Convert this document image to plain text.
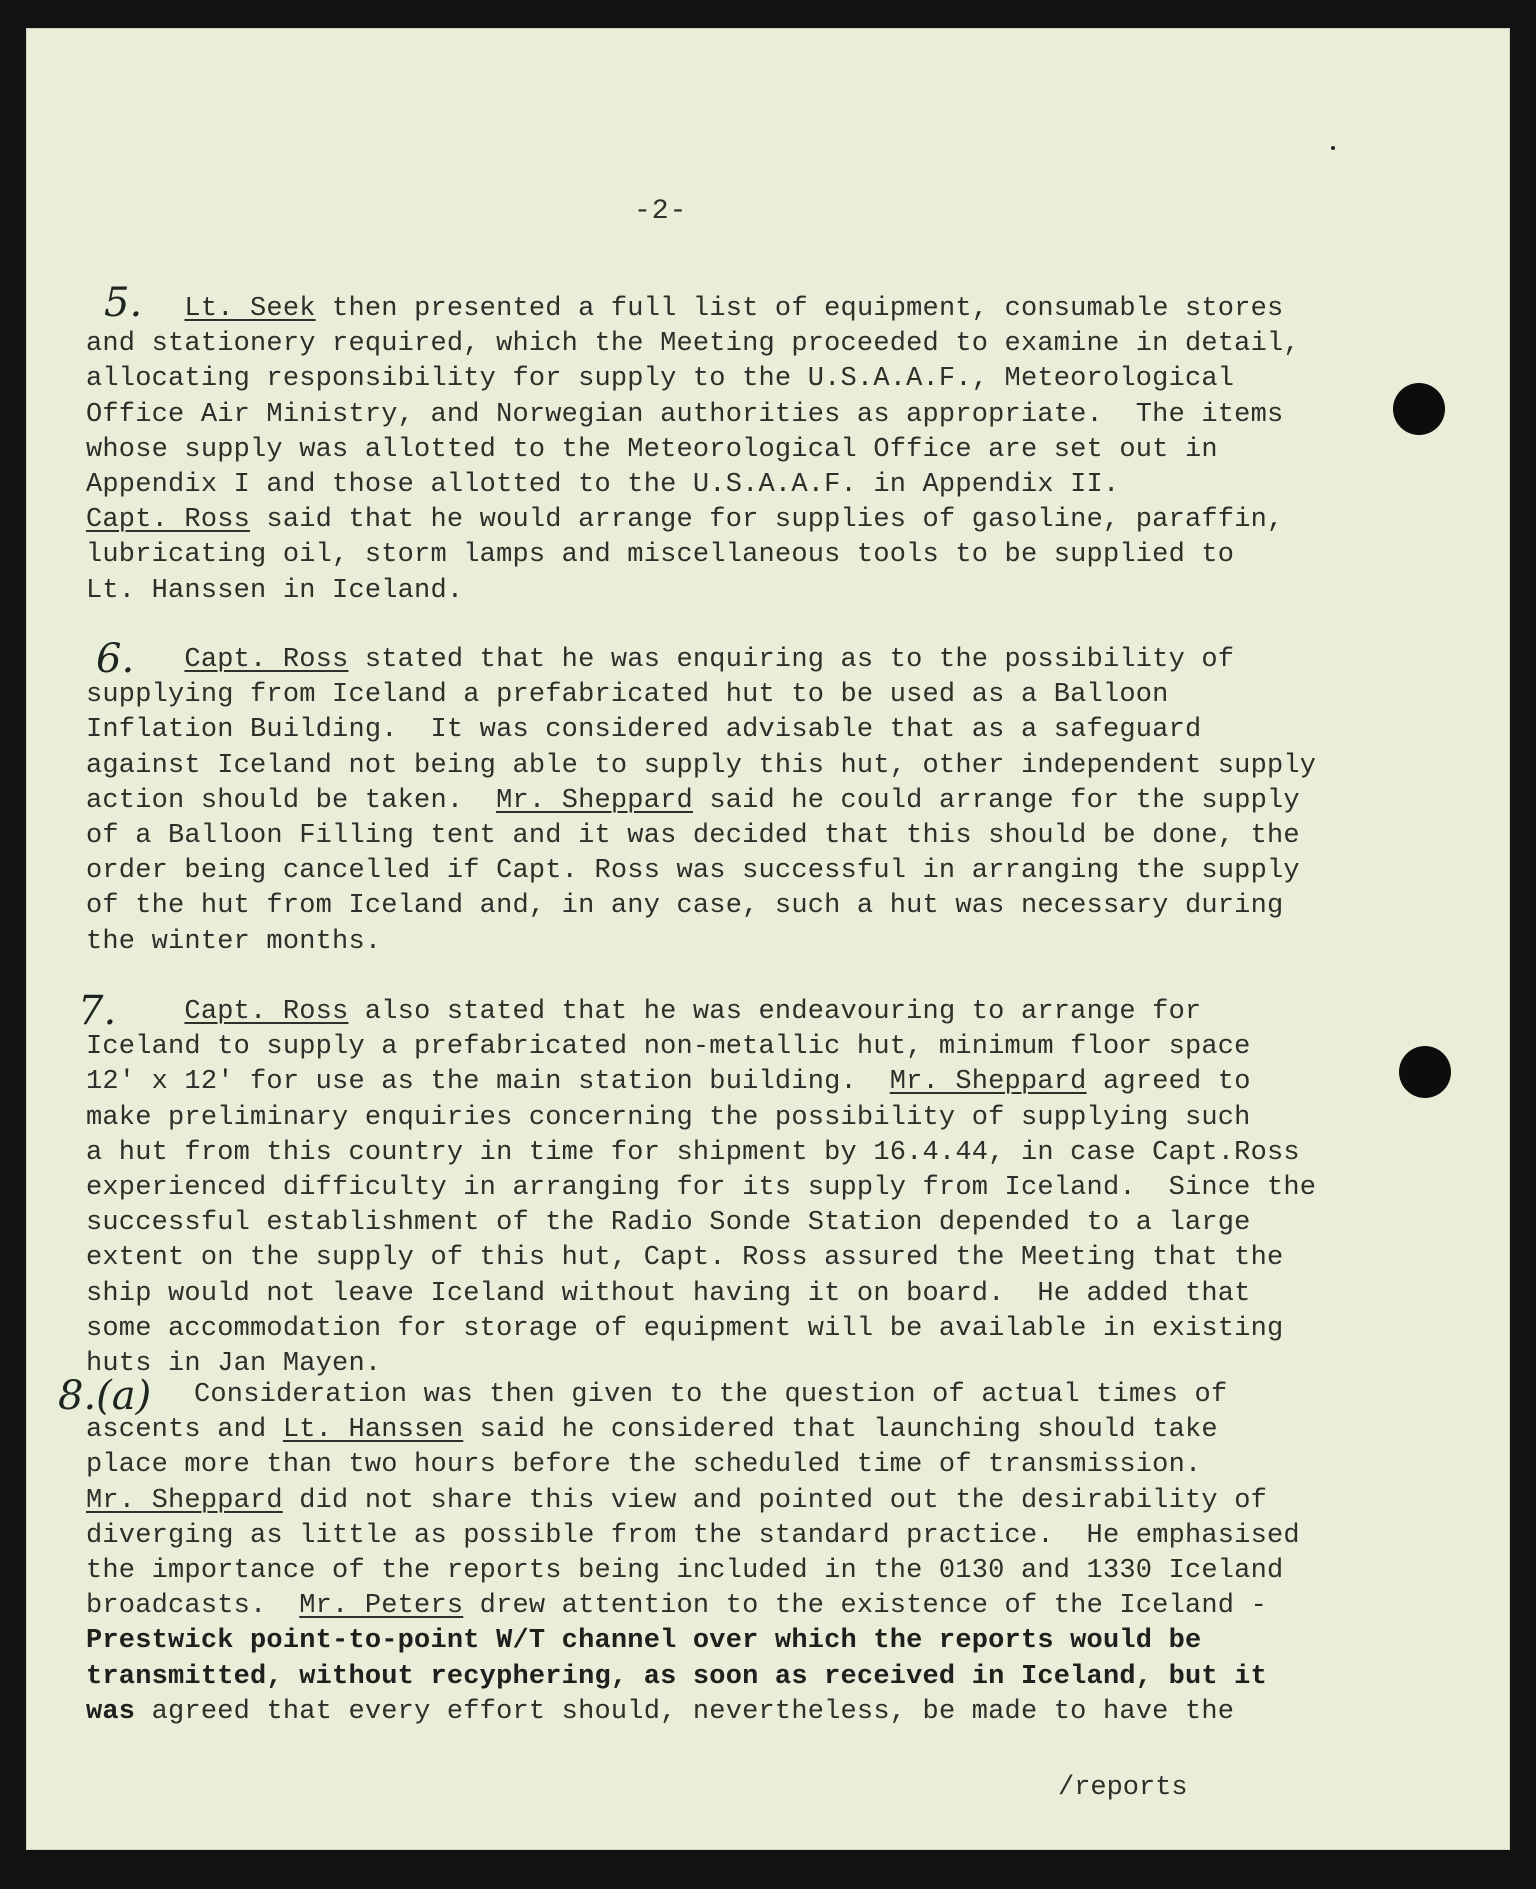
-2-
5.	Lt. Seek then presented a full list of equipment, consumable stores
and stationery required, which the Meeting proceeded to examine in detail,
allocating responsibility for supply to the U.S.A.A.F., Meteorological
Office Air Ministry, and Norwegian authorities as appropriate.  The items
whose supply was allotted to the Meteorological Office are set out in
Appendix I and those allotted to the U.S.A.A.F. in Appendix II.
Capt. Ross said that he would arrange for supplies of gasoline, paraffin,
lubricating oil, storm lamps and miscellaneous tools to be supplied to
Lt. Hanssen in Iceland.
6.	Capt. Ross stated that he was enquiring as to the possibility of
supplying from Iceland a prefabricated hut to be used as a Balloon
Inflation Building.  It was considered advisable that as a safeguard
against Iceland not being able to supply this hut, other independent supply
action should be taken.  Mr. Sheppard said he could arrange for the supply
of a Balloon Filling tent and it was decided that this should be done, the
order being cancelled if Capt. Ross was successful in arranging the supply
of the hut from Iceland and, in any case, such a hut was necessary during
the winter months.
7.	Capt. Ross also stated that he was endeavouring to arrange for
Iceland to supply a prefabricated non-metallic hut, minimum floor space
12' x 12' for use as the main station building.  Mr. Sheppard agreed to
make preliminary enquiries concerning the possibility of supplying such
a hut from this country in time for shipment by 16.4.44, in case Capt.Ross
experienced difficulty in arranging for its supply from Iceland.  Since the
successful establishment of the Radio Sonde Station depended to a large
extent on the supply of this hut, Capt. Ross assured the Meeting that the
ship would not leave Iceland without having it on board.  He added that
some accommodation for storage of equipment will be available in existing
huts in Jan Mayen.
8.(a)	Consideration was then given to the question of actual times of
ascents and Lt. Hanssen said he considered that launching should take
place more than two hours before the scheduled time of transmission.
Mr. Sheppard did not share this view and pointed out the desirability of
diverging as little as possible from the standard practice.  He emphasised
the importance of the reports being included in the 0130 and 1330 Iceland
broadcasts.  Mr. Peters drew attention to the existence of the Iceland -
Prestwick point-to-point W/T channel over which the reports would be
transmitted, without recyphering, as soon as received in Iceland, but it
was agreed that every effort should, nevertheless, be made to have the
/reports
